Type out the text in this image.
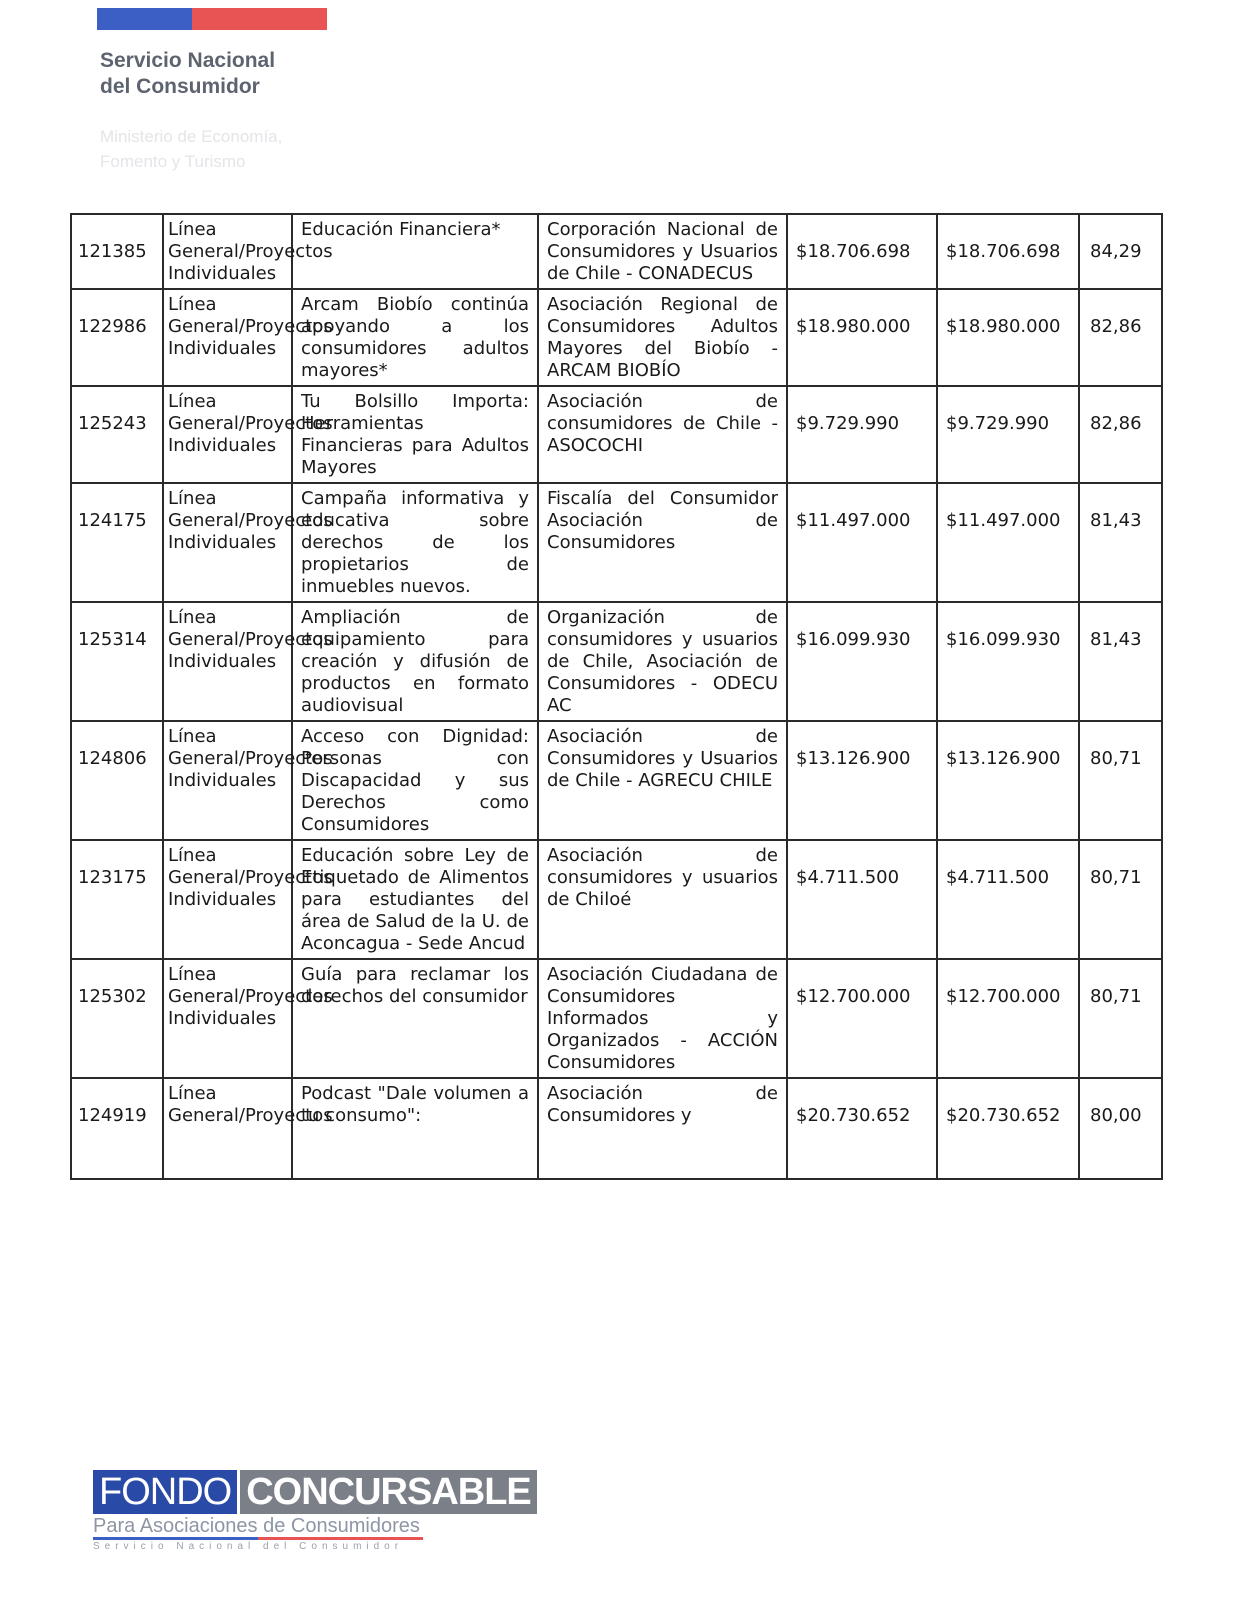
Servicio Nacional
del Consumidor
Ministerio de Economía,
Fomento y Turismo
121385	Línea General/Proyectos Individuales	Educación Financiera*	Corporación Nacional de Consumidores y Usuarios de Chile - CONADECUS	$18.706.698	$18.706.698	84,29
122986	Línea General/Proyectos Individuales	Arcam Biobío continúa apoyando a los consumidores adultos mayores*	Asociación Regional de Consumidores Adultos Mayores del Biobío - ARCAM BIOBÍO	$18.980.000	$18.980.000	82,86
125243	Línea General/Proyectos Individuales	Tu Bolsillo Importa: Herramientas Financieras para Adultos Mayores	Asociación de consumidores de Chile - ASOCOCHI	$9.729.990	$9.729.990	82,86
124175	Línea General/Proyectos Individuales	Campaña informativa y educativa sobre derechos de los propietarios de inmuebles nuevos.	Fiscalía del Consumidor Asociación de Consumidores	$11.497.000	$11.497.000	81,43
125314	Línea General/Proyectos Individuales	Ampliación de equipamiento para creación y difusión de productos en formato audiovisual	Organización de consumidores y usuarios de Chile, Asociación de Consumidores - ODECU AC	$16.099.930	$16.099.930	81,43
124806	Línea General/Proyectos Individuales	Acceso con Dignidad: Personas con Discapacidad y sus Derechos como Consumidores	Asociación de Consumidores y Usuarios de Chile - AGRECU CHILE	$13.126.900	$13.126.900	80,71
123175	Línea General/Proyectos Individuales	Educación sobre Ley de Etiquetado de Alimentos para estudiantes del área de Salud de la U. de Aconcagua - Sede Ancud	Asociación de consumidores y usuarios de Chiloé	$4.711.500	$4.711.500	80,71
125302	Línea General/Proyectos Individuales	Guía para reclamar los derechos del consumidor	Asociación Ciudadana de Consumidores Informados y Organizados - ACCIÓN Consumidores	$12.700.000	$12.700.000	80,71
124919	Línea General/Proyectos	Podcast "Dale volumen a tu consumo":	Asociación de Consumidores y	$20.730.652	$20.730.652	80,00
FONDO CONCURSABLE
Para Asociaciones de Consumidores
Servicio Nacional del Consumidor
